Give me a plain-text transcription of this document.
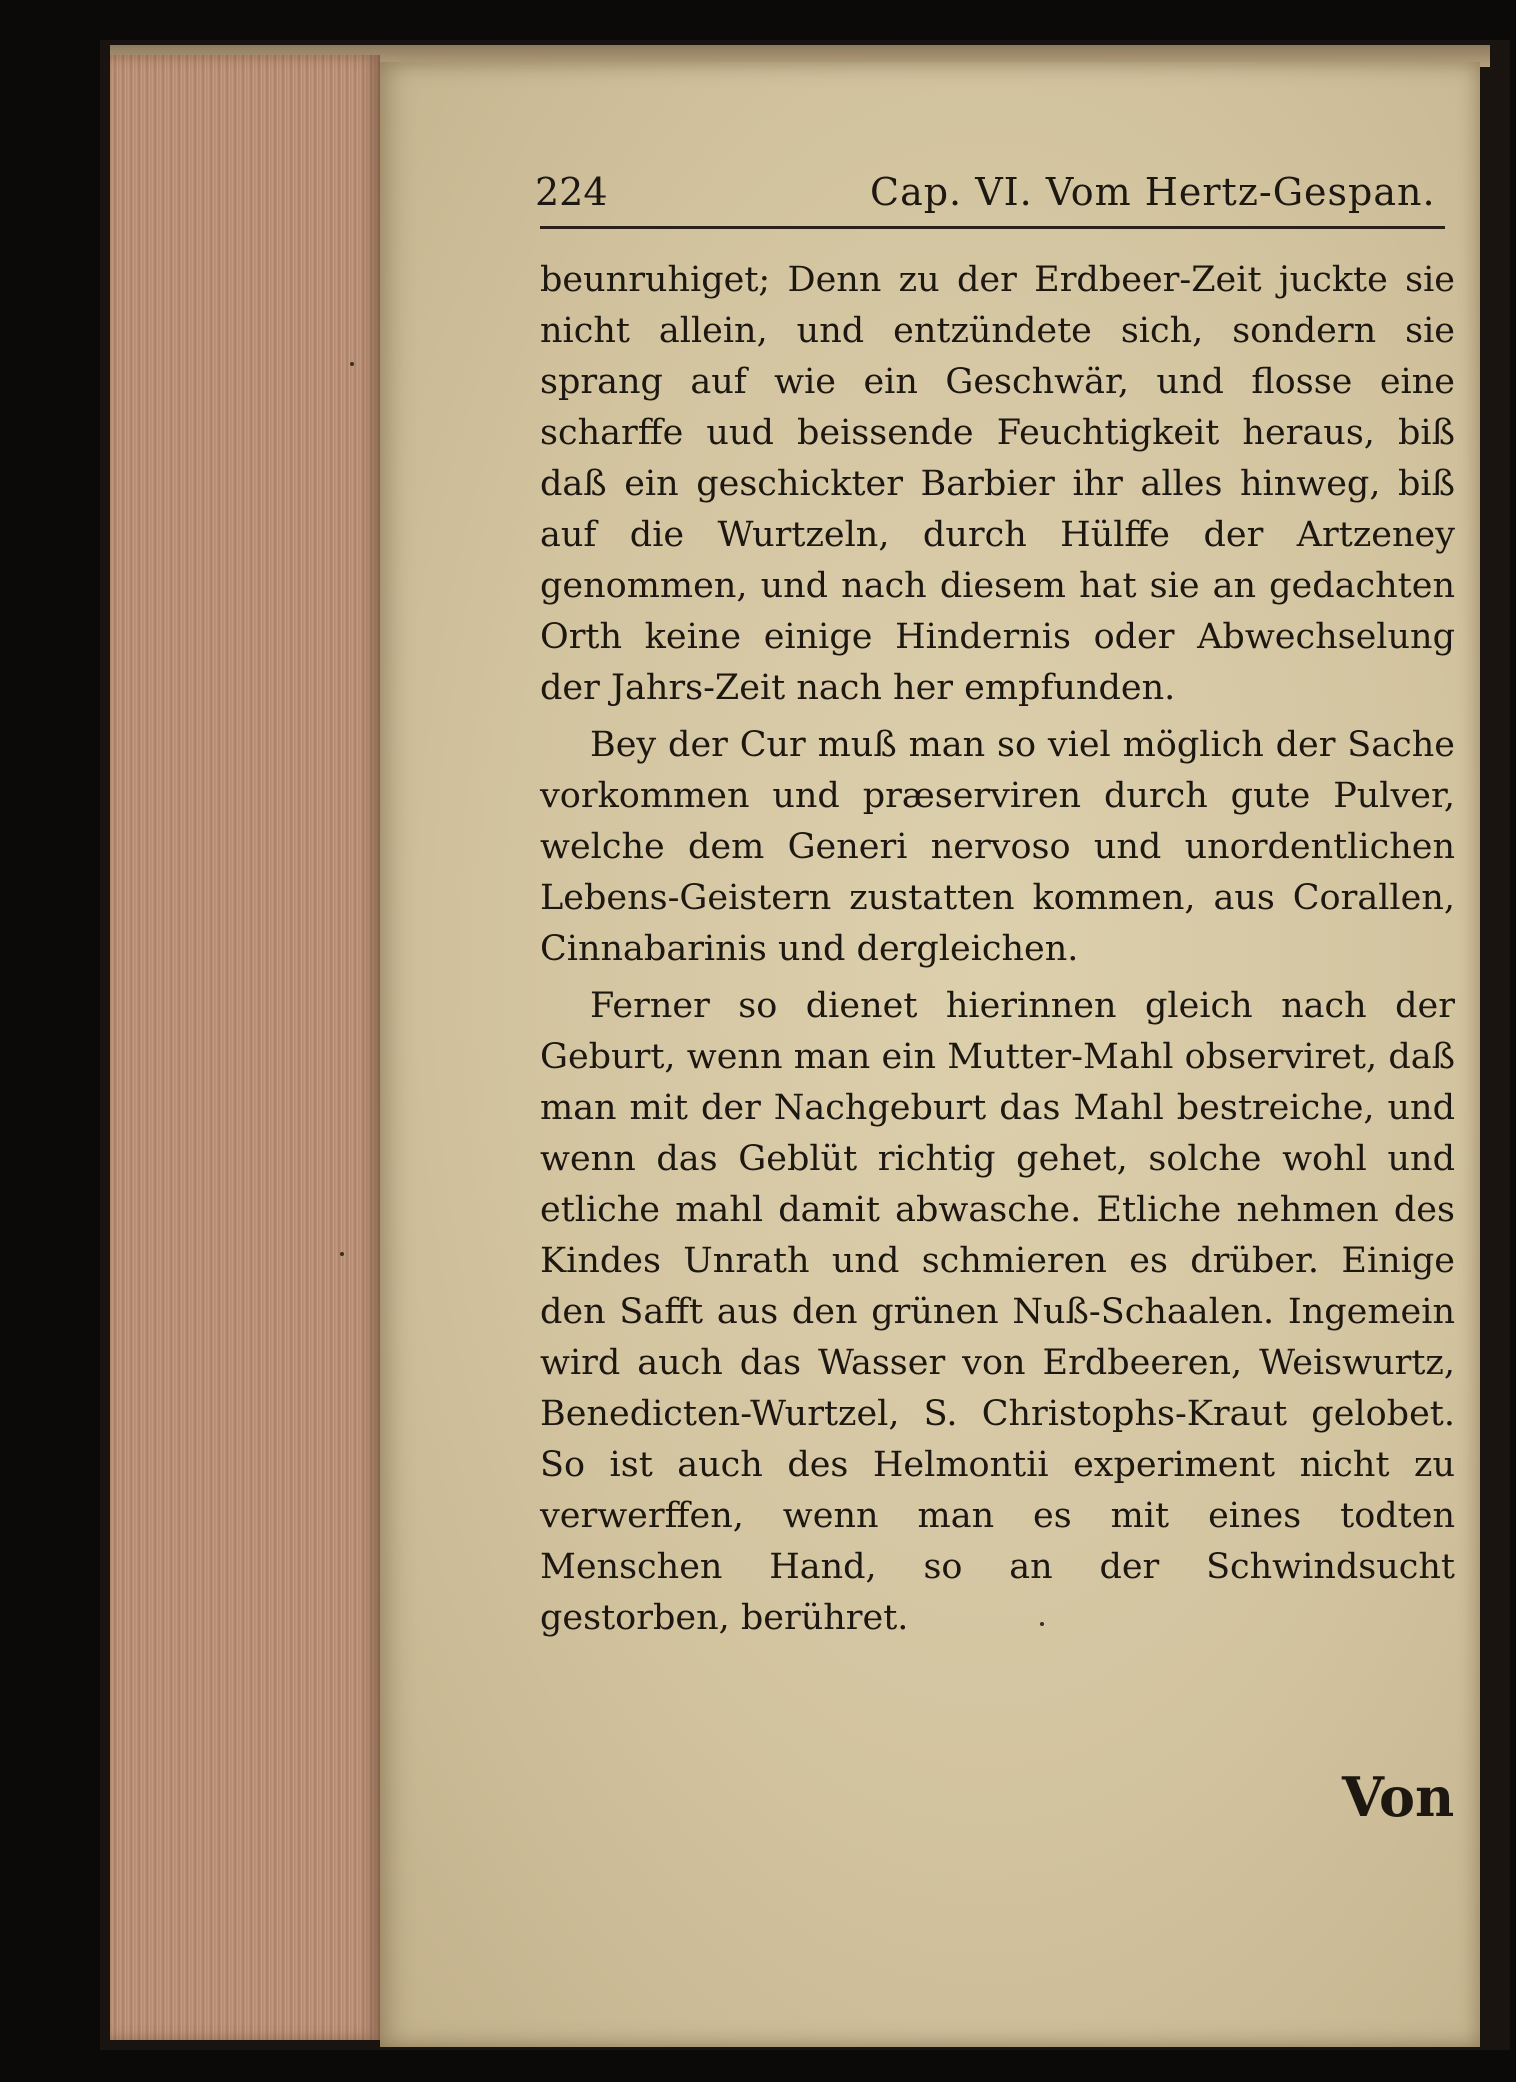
224	Cap. VI. Vom Hertz-Gespan.

beunruhiget; Denn zu der Erdbeer-Zeit juckte sie nicht allein, und entzündete sich, sondern sie sprang auf wie ein Geschwär, und flosse eine scharffe uud beissende Feuchtigkeit heraus, biß daß ein geschickter Barbier ihr alles hinweg, biß auf die Wurtzeln, durch Hülffe der Artzeney genommen, und nach diesem hat sie an gedachten Orth keine einige Hindernis oder Abwechselung der Jahrs-Zeit nach her empfunden.

Bey der Cur muß man so viel möglich der Sache vorkommen und præserviren durch gute Pulver, welche dem Generi nervoso und unordentlichen Lebens-Geistern zustatten kommen, aus Corallen, Cinnabarinis und dergleichen.

Ferner so dienet hierinnen gleich nach der Geburt, wenn man ein Mutter-Mahl observiret, daß man mit der Nachgeburt das Mahl bestreiche, und wenn das Geblüt richtig gehet, solche wohl und etliche mahl damit abwasche. Etliche nehmen des Kindes Unrath und schmieren es drüber. Einige den Safft aus den grünen Nuß-Schaalen. Ingemein wird auch das Wasser von Erdbeeren, Weiswurtz, Benedicten-Wurtzel, S. Christophs-Kraut gelobet. So ist auch des Helmontii experiment nicht zu verwerffen, wenn man es mit eines todten Menschen Hand, so an der Schwindsucht gestorben, berühret.

Von
